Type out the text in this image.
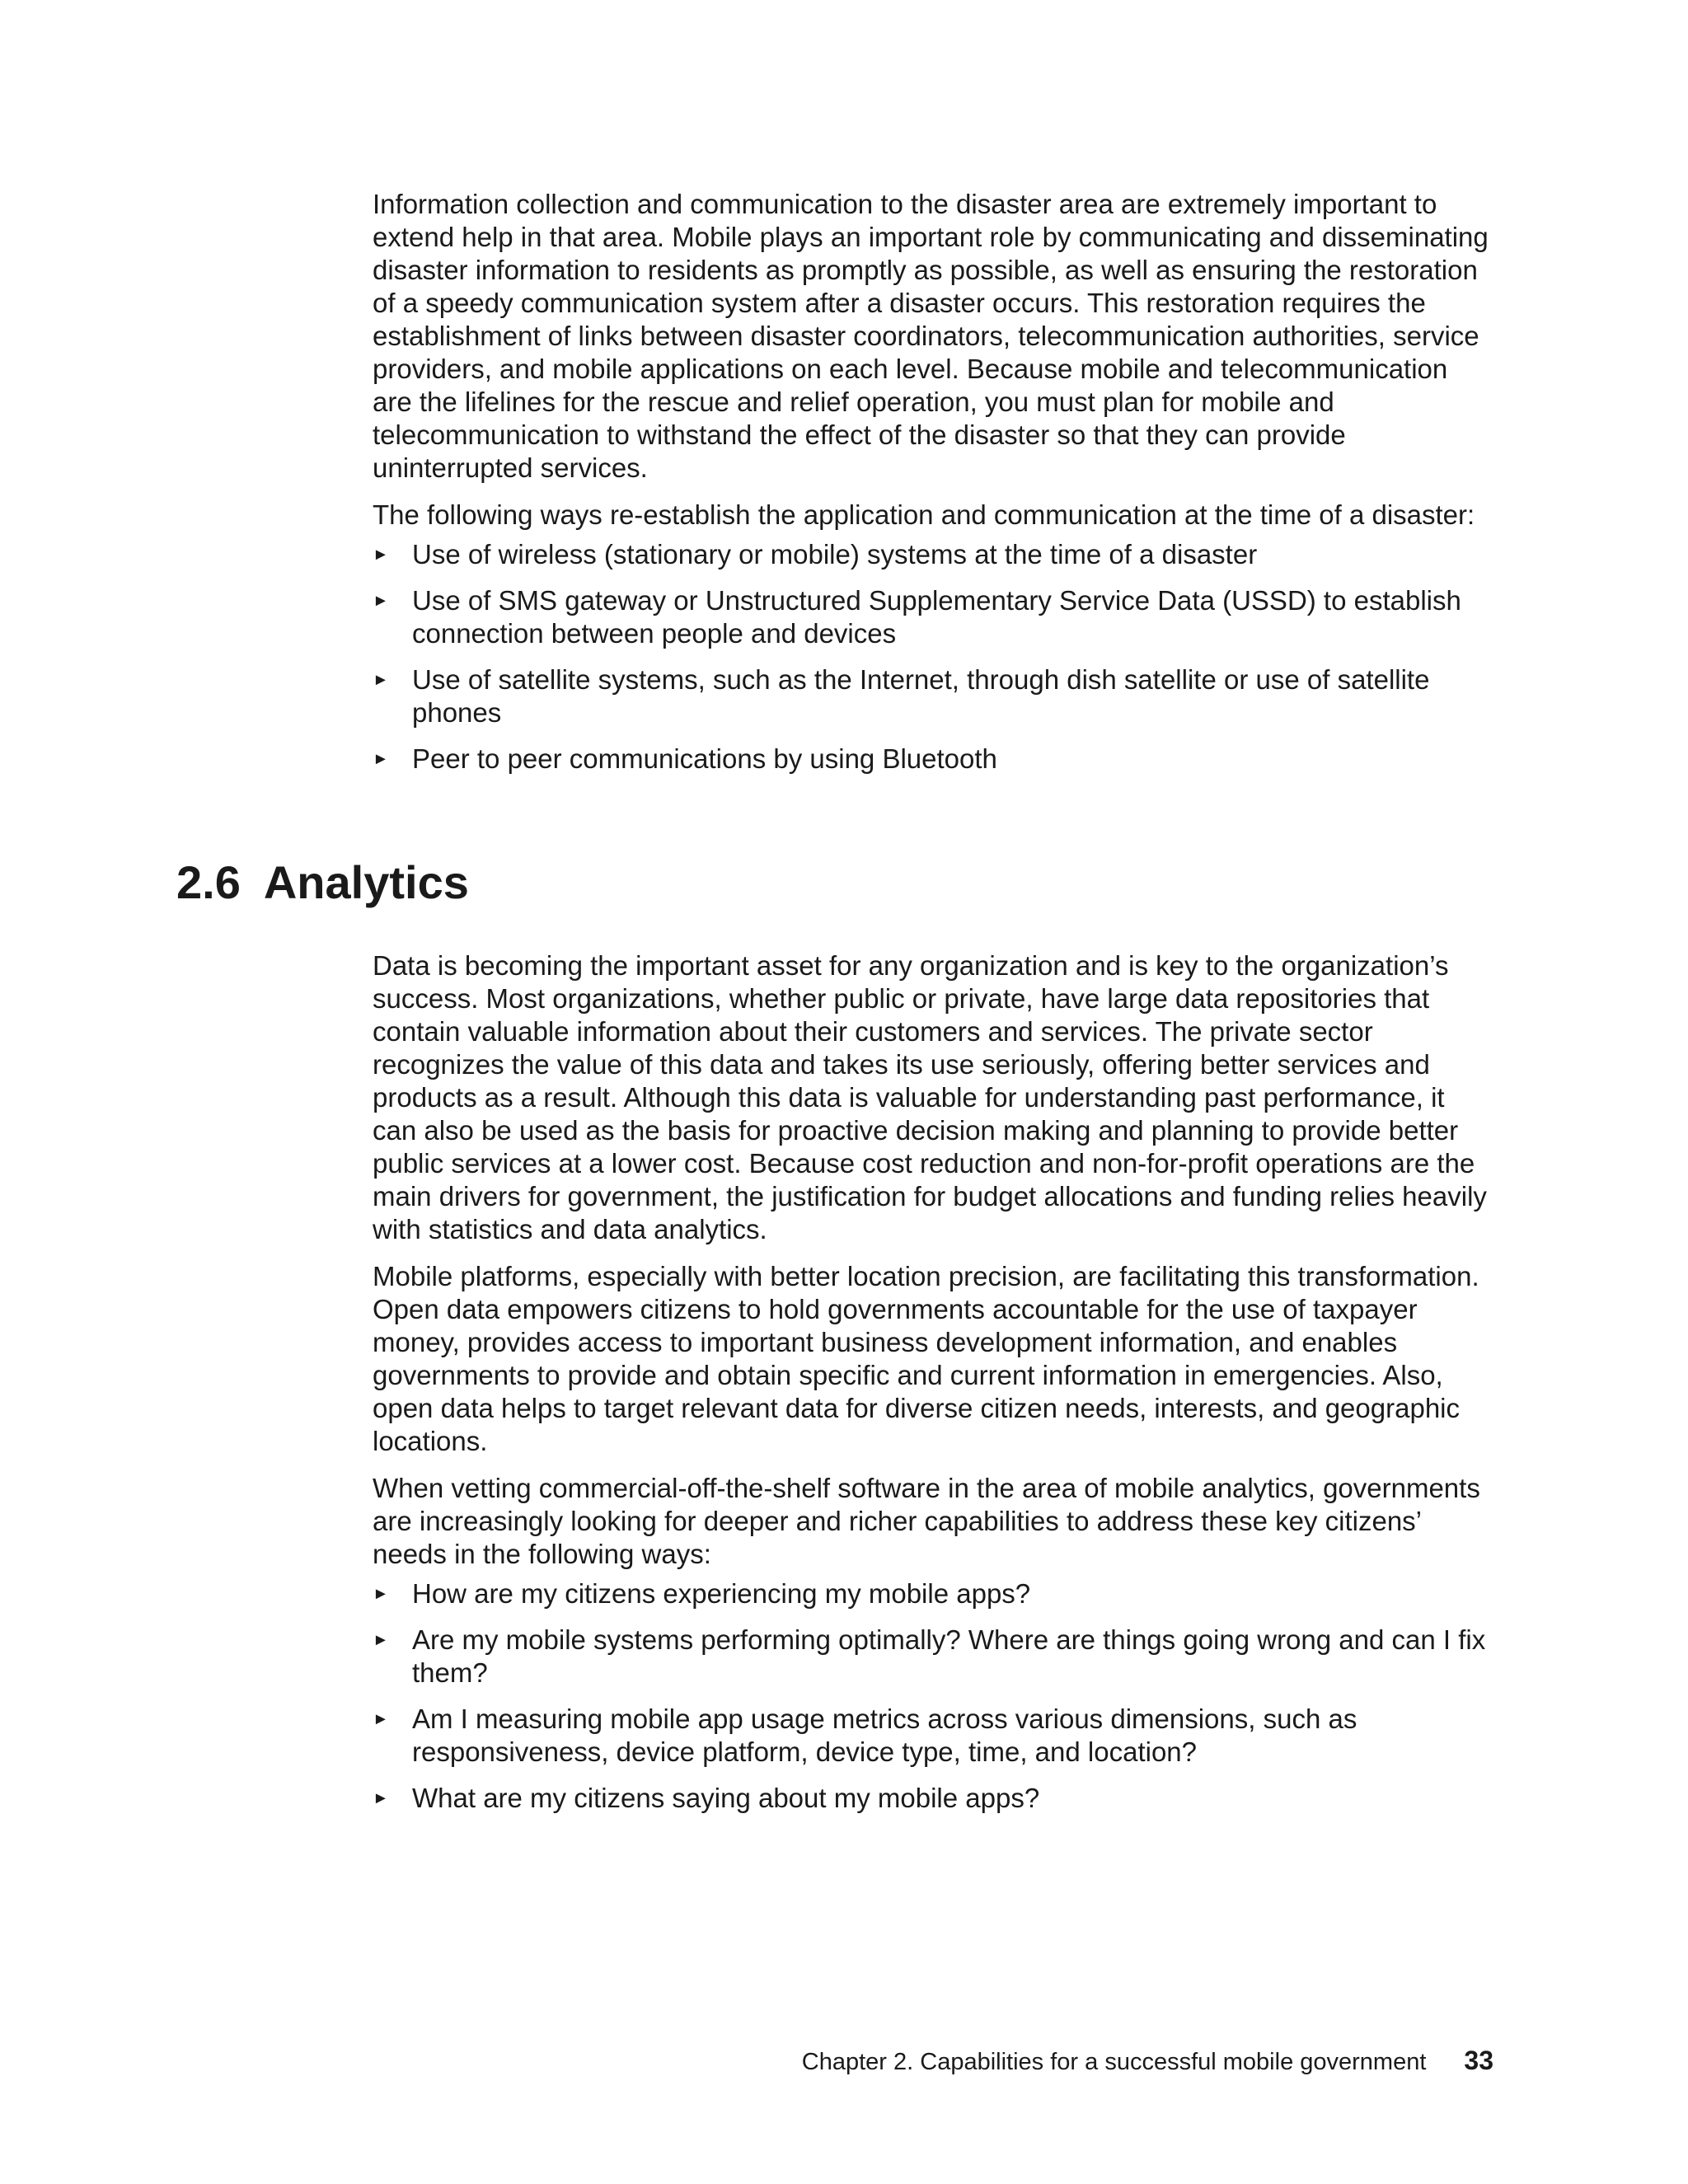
Information collection and communication to the disaster area are extremely important to extend help in that area. Mobile plays an important role by communicating and disseminating disaster information to residents as promptly as possible, as well as ensuring the restoration of a speedy communication system after a disaster occurs. This restoration requires the establishment of links between disaster coordinators, telecommunication authorities, service providers, and mobile applications on each level. Because mobile and telecommunication are the lifelines for the rescue and relief operation, you must plan for mobile and telecommunication to withstand the effect of the disaster so that they can provide uninterrupted services.

The following ways re-establish the application and communication at the time of a disaster:

► Use of wireless (stationary or mobile) systems at the time of a disaster
► Use of SMS gateway or Unstructured Supplementary Service Data (USSD) to establish connection between people and devices
► Use of satellite systems, such as the Internet, through dish satellite or use of satellite phones
► Peer to peer communications by using Bluetooth
2.6 Analytics

Data is becoming the important asset for any organization and is key to the organization’s success. Most organizations, whether public or private, have large data repositories that contain valuable information about their customers and services. The private sector recognizes the value of this data and takes its use seriously, offering better services and products as a result. Although this data is valuable for understanding past performance, it can also be used as the basis for proactive decision making and planning to provide better public services at a lower cost. Because cost reduction and non-for-profit operations are the main drivers for government, the justification for budget allocations and funding relies heavily with statistics and data analytics.

Mobile platforms, especially with better location precision, are facilitating this transformation. Open data empowers citizens to hold governments accountable for the use of taxpayer money, provides access to important business development information, and enables governments to provide and obtain specific and current information in emergencies. Also, open data helps to target relevant data for diverse citizen needs, interests, and geographic locations.

When vetting commercial-off-the-shelf software in the area of mobile analytics, governments are increasingly looking for deeper and richer capabilities to address these key citizens’ needs in the following ways:

► How are my citizens experiencing my mobile apps?
► Are my mobile systems performing optimally? Where are things going wrong and can I fix them?
► Am I measuring mobile app usage metrics across various dimensions, such as responsiveness, device platform, device type, time, and location?
► What are my citizens saying about my mobile apps?
Chapter 2. Capabilities for a successful mobile government 33
